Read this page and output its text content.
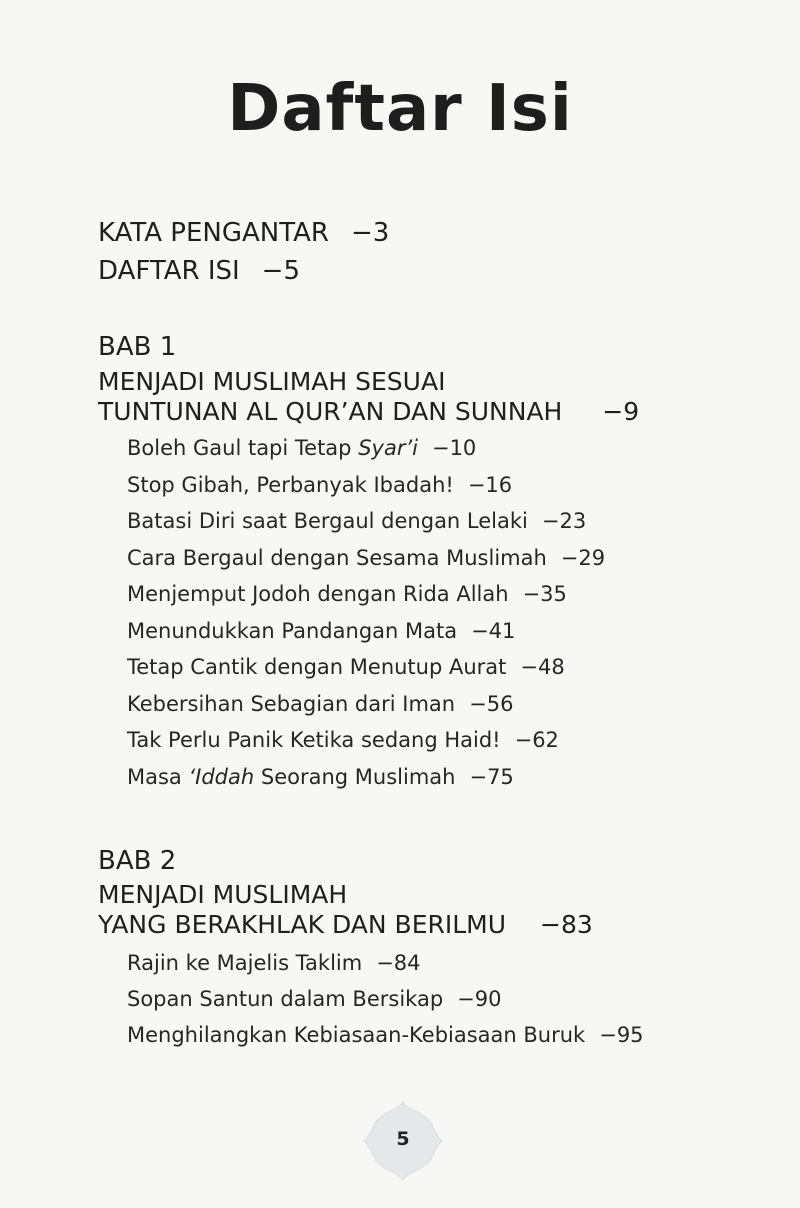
Daftar Isi
KATA PENGANTAR −3
DAFTAR ISI −5
BAB 1
MENJADI MUSLIMAH SESUAI
TUNTUNAN AL QUR’AN DAN SUNNAH −9
Boleh Gaul tapi Tetap Syar’i −10
Stop Gibah, Perbanyak Ibadah! −16
Batasi Diri saat Bergaul dengan Lelaki −23
Cara Bergaul dengan Sesama Muslimah −29
Menjemput Jodoh dengan Rida Allah −35
Menundukkan Pandangan Mata −41
Tetap Cantik dengan Menutup Aurat −48
Kebersihan Sebagian dari Iman −56
Tak Perlu Panik Ketika sedang Haid! −62
Masa ‘Iddah Seorang Muslimah −75
BAB 2
MENJADI MUSLIMAH
YANG BERAKHLAK DAN BERILMU −83
Rajin ke Majelis Taklim −84
Sopan Santun dalam Bersikap −90
Menghilangkan Kebiasaan-Kebiasaan Buruk −95
5
